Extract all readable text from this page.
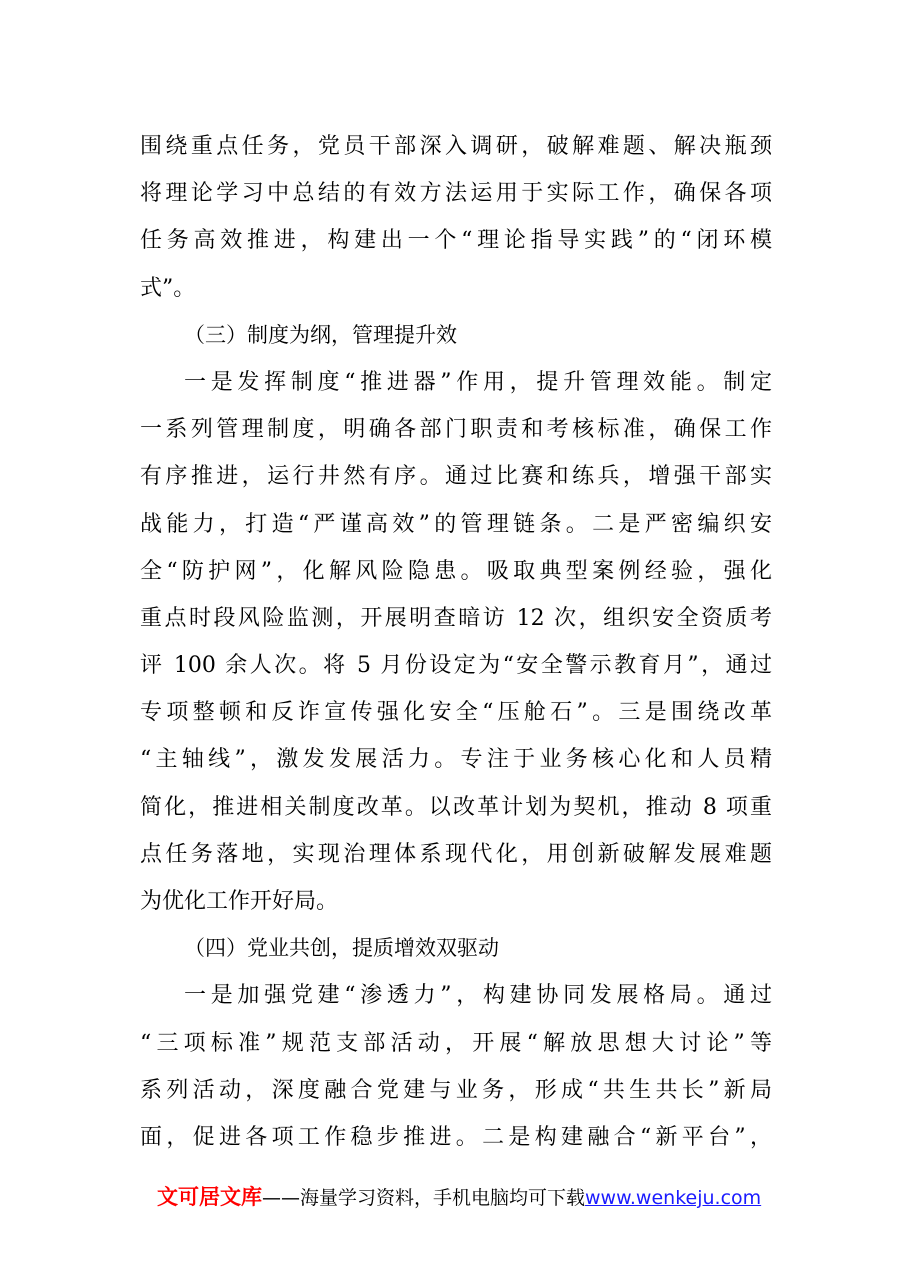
围绕重点任务，党员干部深入调研，破解难题、解决瓶颈
将理论学习中总结的有效方法运用于实际工作，确保各项
任务高效推进，构建出一个“理论指导实践”的“闭环模
式”。
（三）制度为纲，管理提升效
一是发挥制度“推进器”作用，提升管理效能。制定
一系列管理制度，明确各部门职责和考核标准，确保工作
有序推进，运行井然有序。通过比赛和练兵，增强干部实
战能力，打造“严谨高效”的管理链条。二是严密编织安
全“防护网”，化解风险隐患。吸取典型案例经验，强化
重点时段风险监测，开展明查暗访 12 次，组织安全资质考
评 100 余人次。将 5 月份设定为“安全警示教育月”，通过
专项整顿和反诈宣传强化安全“压舱石”。三是围绕改革
“主轴线”，激发发展活力。专注于业务核心化和人员精
简化，推进相关制度改革。以改革计划为契机，推动 8 项重
点任务落地，实现治理体系现代化，用创新破解发展难题
为优化工作开好局。
（四）党业共创，提质增效双驱动
一是加强党建“渗透力”，构建协同发展格局。通过
“三项标准”规范支部活动，开展“解放思想大讨论”等
系列活动，深度融合党建与业务，形成“共生共长”新局
面，促进各项工作稳步推进。二是构建融合“新平台”，
文可居文库——海量学习资料，手机电脑均可下载www.wenkeju.com
